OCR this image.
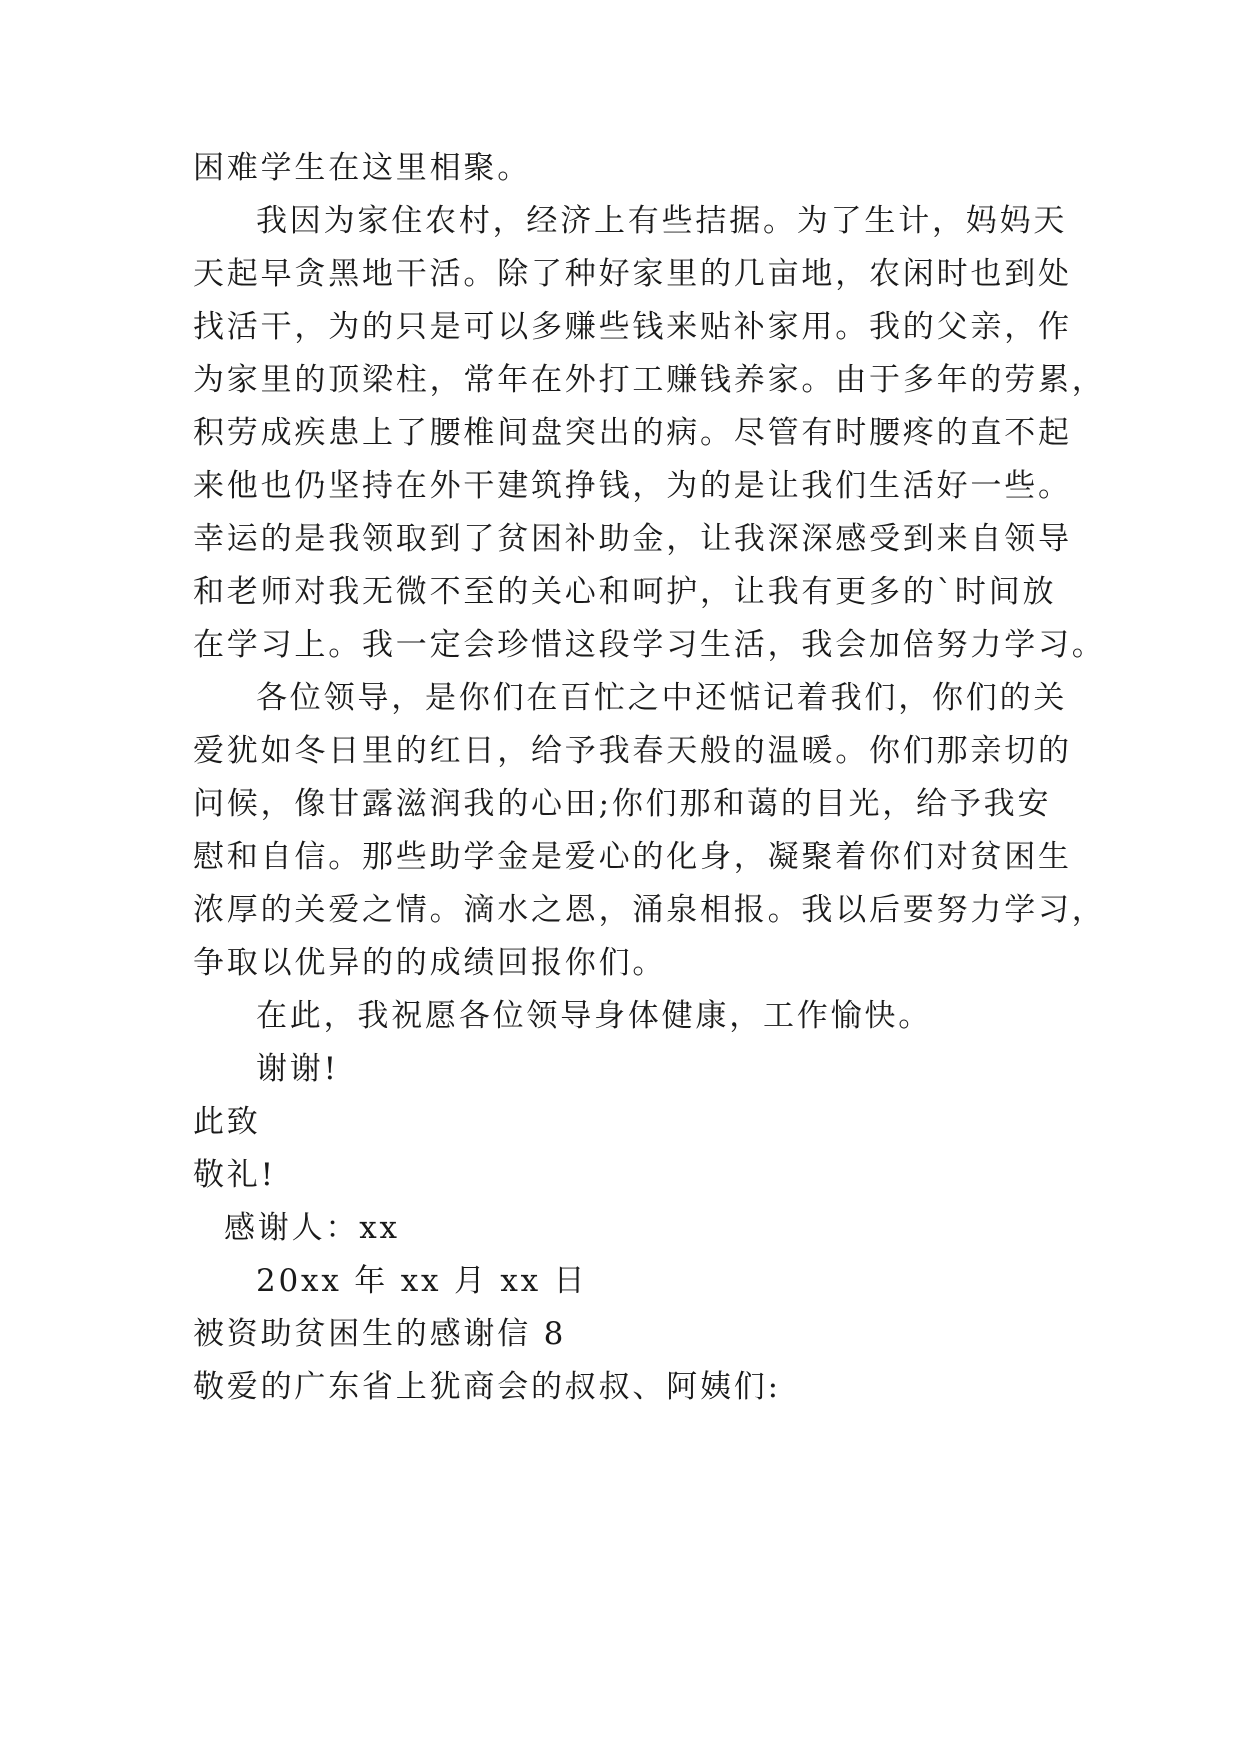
困难学生在这里相聚。
我因为家住农村，经济上有些拮据。为了生计，妈妈天
天起早贪黑地干活。除了种好家里的几亩地，农闲时也到处
找活干，为的只是可以多赚些钱来贴补家用。我的父亲，作
为家里的顶梁柱，常年在外打工赚钱养家。由于多年的劳累，
积劳成疾患上了腰椎间盘突出的病。尽管有时腰疼的直不起
来他也仍坚持在外干建筑挣钱，为的是让我们生活好一些。
幸运的是我领取到了贫困补助金，让我深深感受到来自领导
和老师对我无微不至的关心和呵护，让我有更多的`时间放
在学习上。我一定会珍惜这段学习生活，我会加倍努力学习。
各位领导，是你们在百忙之中还惦记着我们，你们的关
爱犹如冬日里的红日，给予我春天般的温暖。你们那亲切的
问候，像甘露滋润我的心田;你们那和蔼的目光，给予我安
慰和自信。那些助学金是爱心的化身，凝聚着你们对贫困生
浓厚的关爱之情。滴水之恩，涌泉相报。我以后要努力学习，
争取以优异的的成绩回报你们。
在此，我祝愿各位领导身体健康，工作愉快。
谢谢!
此致
敬礼!
感谢人：xx
20xx 年 xx 月 xx 日
被资助贫困生的感谢信 8
敬爱的广东省上犹商会的叔叔、阿姨们:
